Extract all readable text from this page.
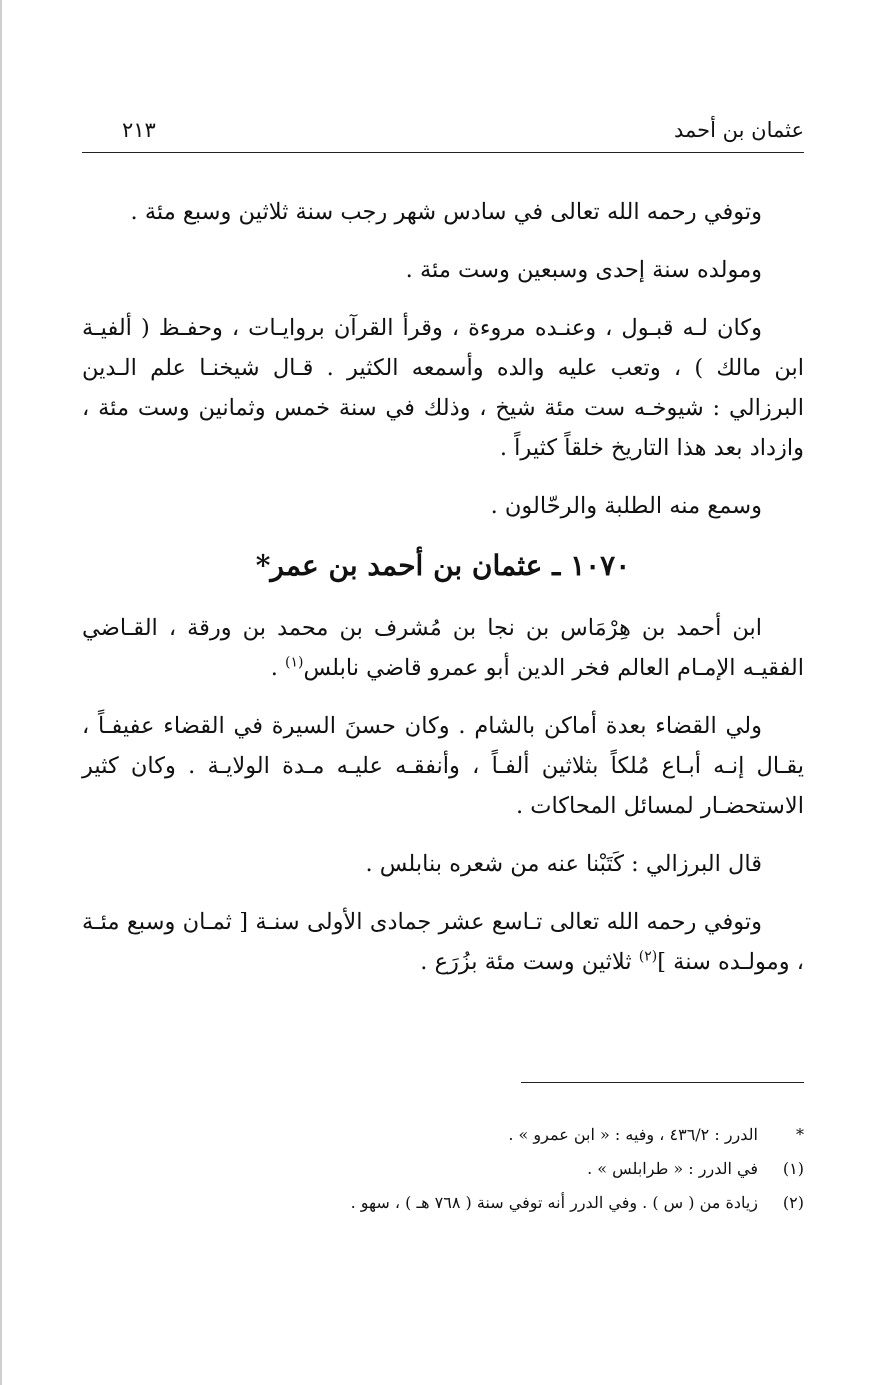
عثمان بن أحمد
٢١٣

وتوفي رحمه الله تعالى في سادس شهر رجب سنة ثلاثين وسبع مئة .

ومولده سنة إحدى وسبعين وست مئة .

وكان لـه قبـول ، وعنـده مروءة ، وقرأ القرآن بروايـات ، وحفـظ ( ألفيـة ابن مالك ) ، وتعب عليه والده وأسمعه الكثير . قـال شيخنـا علم الـدين البرزالي : شيوخـه ست مئة شيخ ، وذلك في سنة خمس وثمانين وست مئة ، وازداد بعد هذا التاريخ خلقاً كثيراً .

وسمع منه الطلبة والرحّالون .

١٠٧٠ ـ عثمان بن أحمد بن عمر*

ابن أحمد بن هِرْمَاس بن نجا بن مُشرف بن محمد بن ورقة ، القـاضي الفقيـه الإمـام العالم فخر الدين أبو عمرو قاضي نابلس$^{(١)}$ .

ولي القضاء بعدة أماكن بالشام . وكان حسنَ السيرة في القضاء عفيفـاً ، يقـال إنـه أبـاع مُلكاً بثلاثين ألفـاً ، وأنفقـه عليـه مـدة الولايـة . وكان كثير الاستحضـار لمسائل المحاكات .

قال البرزالي : كَتَبْنا عنه من شعره بنابلس .

وتوفي رحمه الله تعالى تـاسع عشر جمادى الأولى سنـة [ ثمـان وسبع مئـة ، ومولـده سنة ]$^{(٢)}$ ثلاثين وست مئة بزُرَع .

*
الدرر : ٤٣٦/٢ ، وفيه : « ابن عمرو » .
(١)
في الدرر : « طرابلس » .
(٢)
زيادة من ( س ) . وفي الدرر أنه توفي سنة ( ٧٦٨ هـ ) ، سهو .
